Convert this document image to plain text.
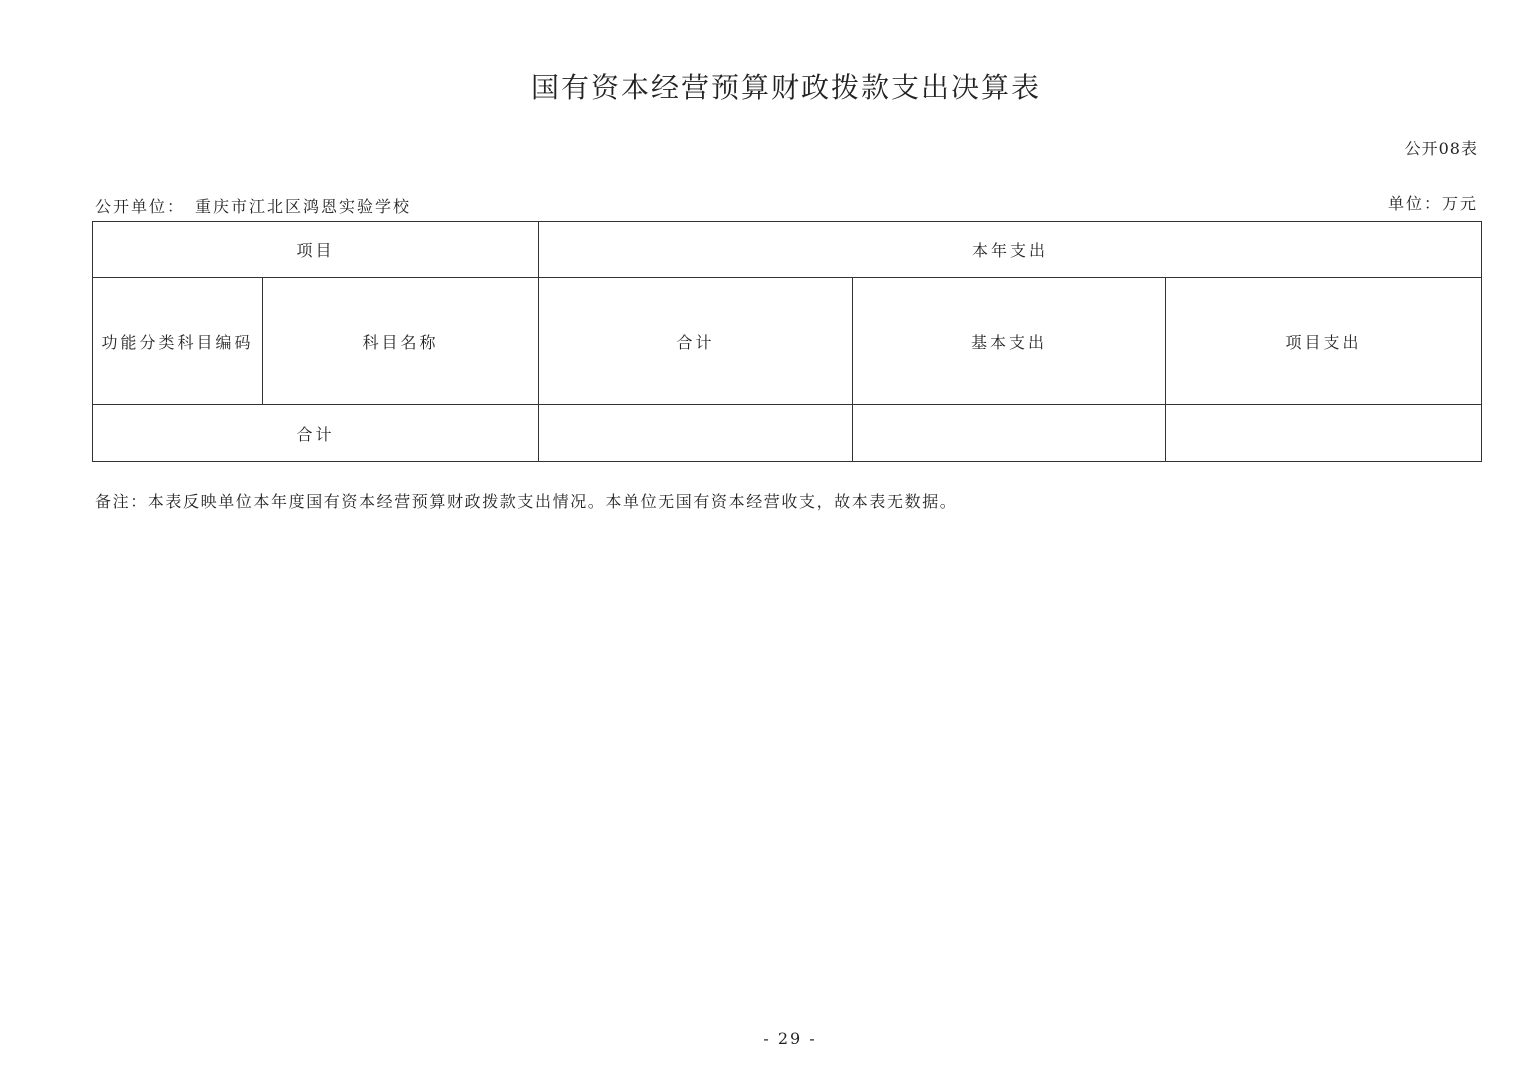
国有资本经营预算财政拨款支出决算表
公开08表
公开单位： 重庆市江北区鸿恩实验学校	单位：万元
项目		本年支出		
功能分类科目编码	科目名称	合计	基本支出	项目支出
合计				
备注：本表反映单位本年度国有资本经营预算财政拨款支出情况。本单位无国有资本经营收支，故本表无数据。
- 29 -
